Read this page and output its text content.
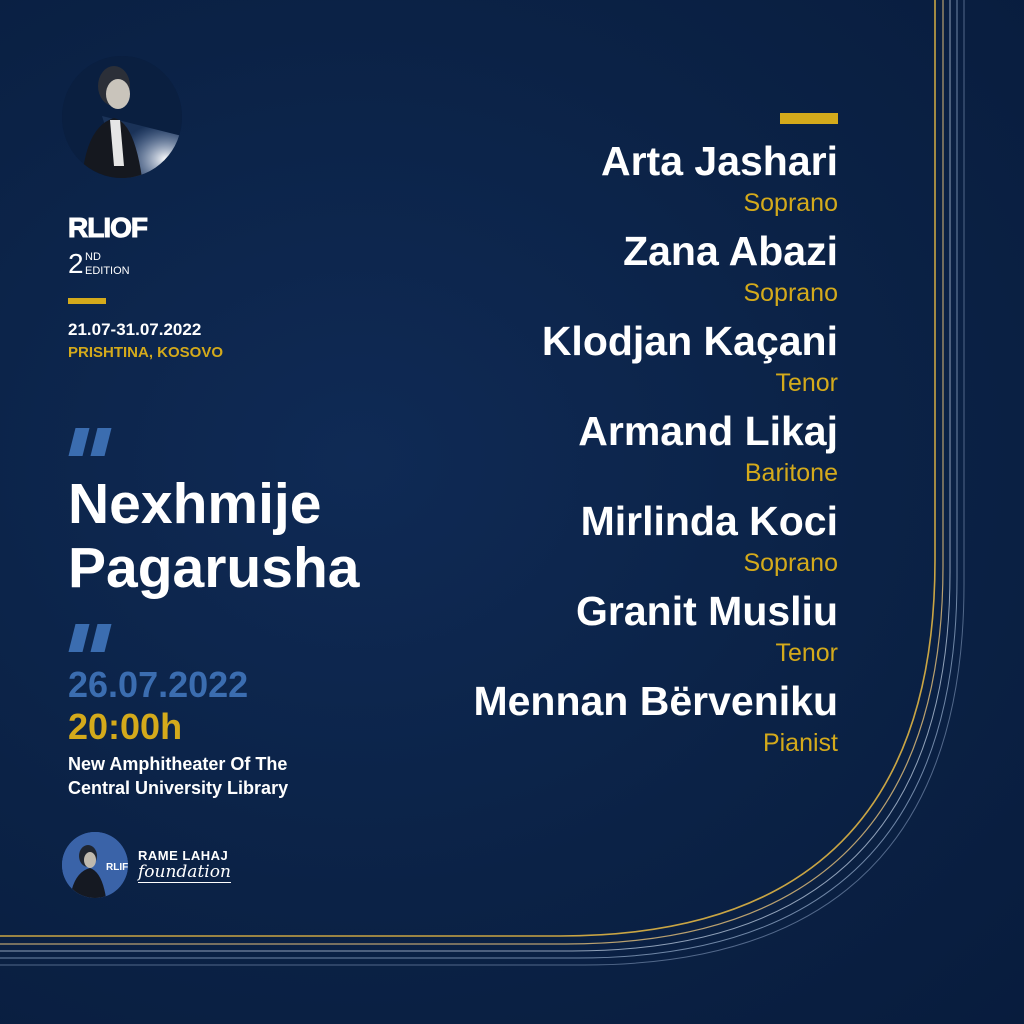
RLIOF
2 ND
EDITION
21.07-31.07.2022
PRISHTINA, KOSOVO
Nexhmije
Pagarusha
26.07.2022
20:00h
New Amphitheater Of The
Central University Library
RLIF
RAME LAHAJ
foundation
Arta Jashari
Soprano
Zana Abazi
Soprano
Klodjan Kaçani
Tenor
Armand Likaj
Baritone
Mirlinda Koci
Soprano
Granit Musliu
Tenor
Mennan Bërveniku
Pianist
